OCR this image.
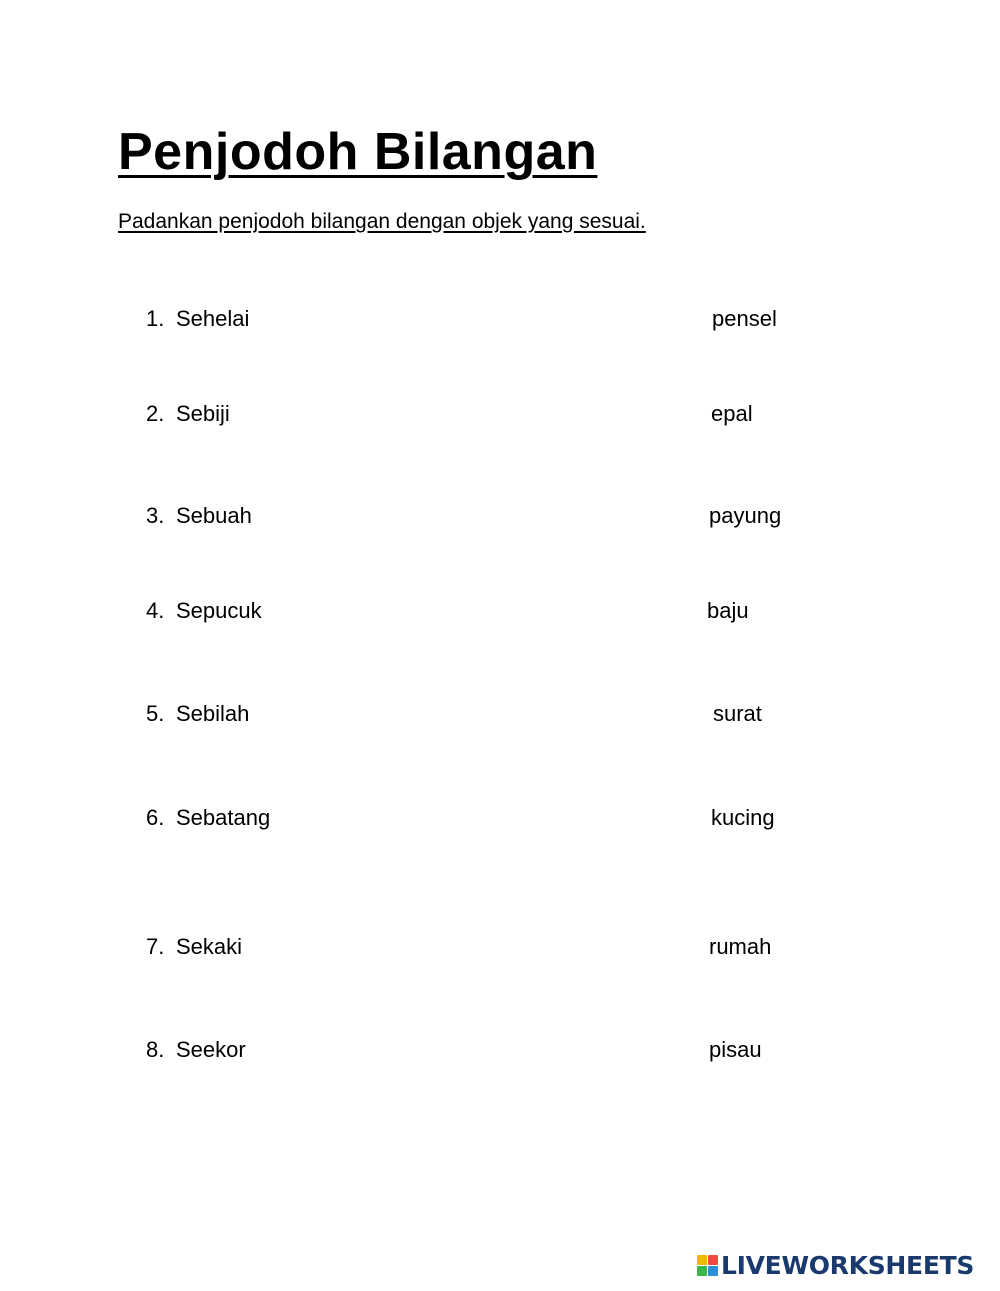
Penjodoh Bilangan
Padankan penjodoh bilangan dengan objek yang sesuai.
1. Sehelai
2. Sebiji
3. Sebuah
4. Sepucuk
5. Sebilah
6. Sebatang
7. Sekaki
8. Seekor
pensel
epal
payung
baju
surat
kucing
rumah
pisau
LIVEWORKSHEETS
